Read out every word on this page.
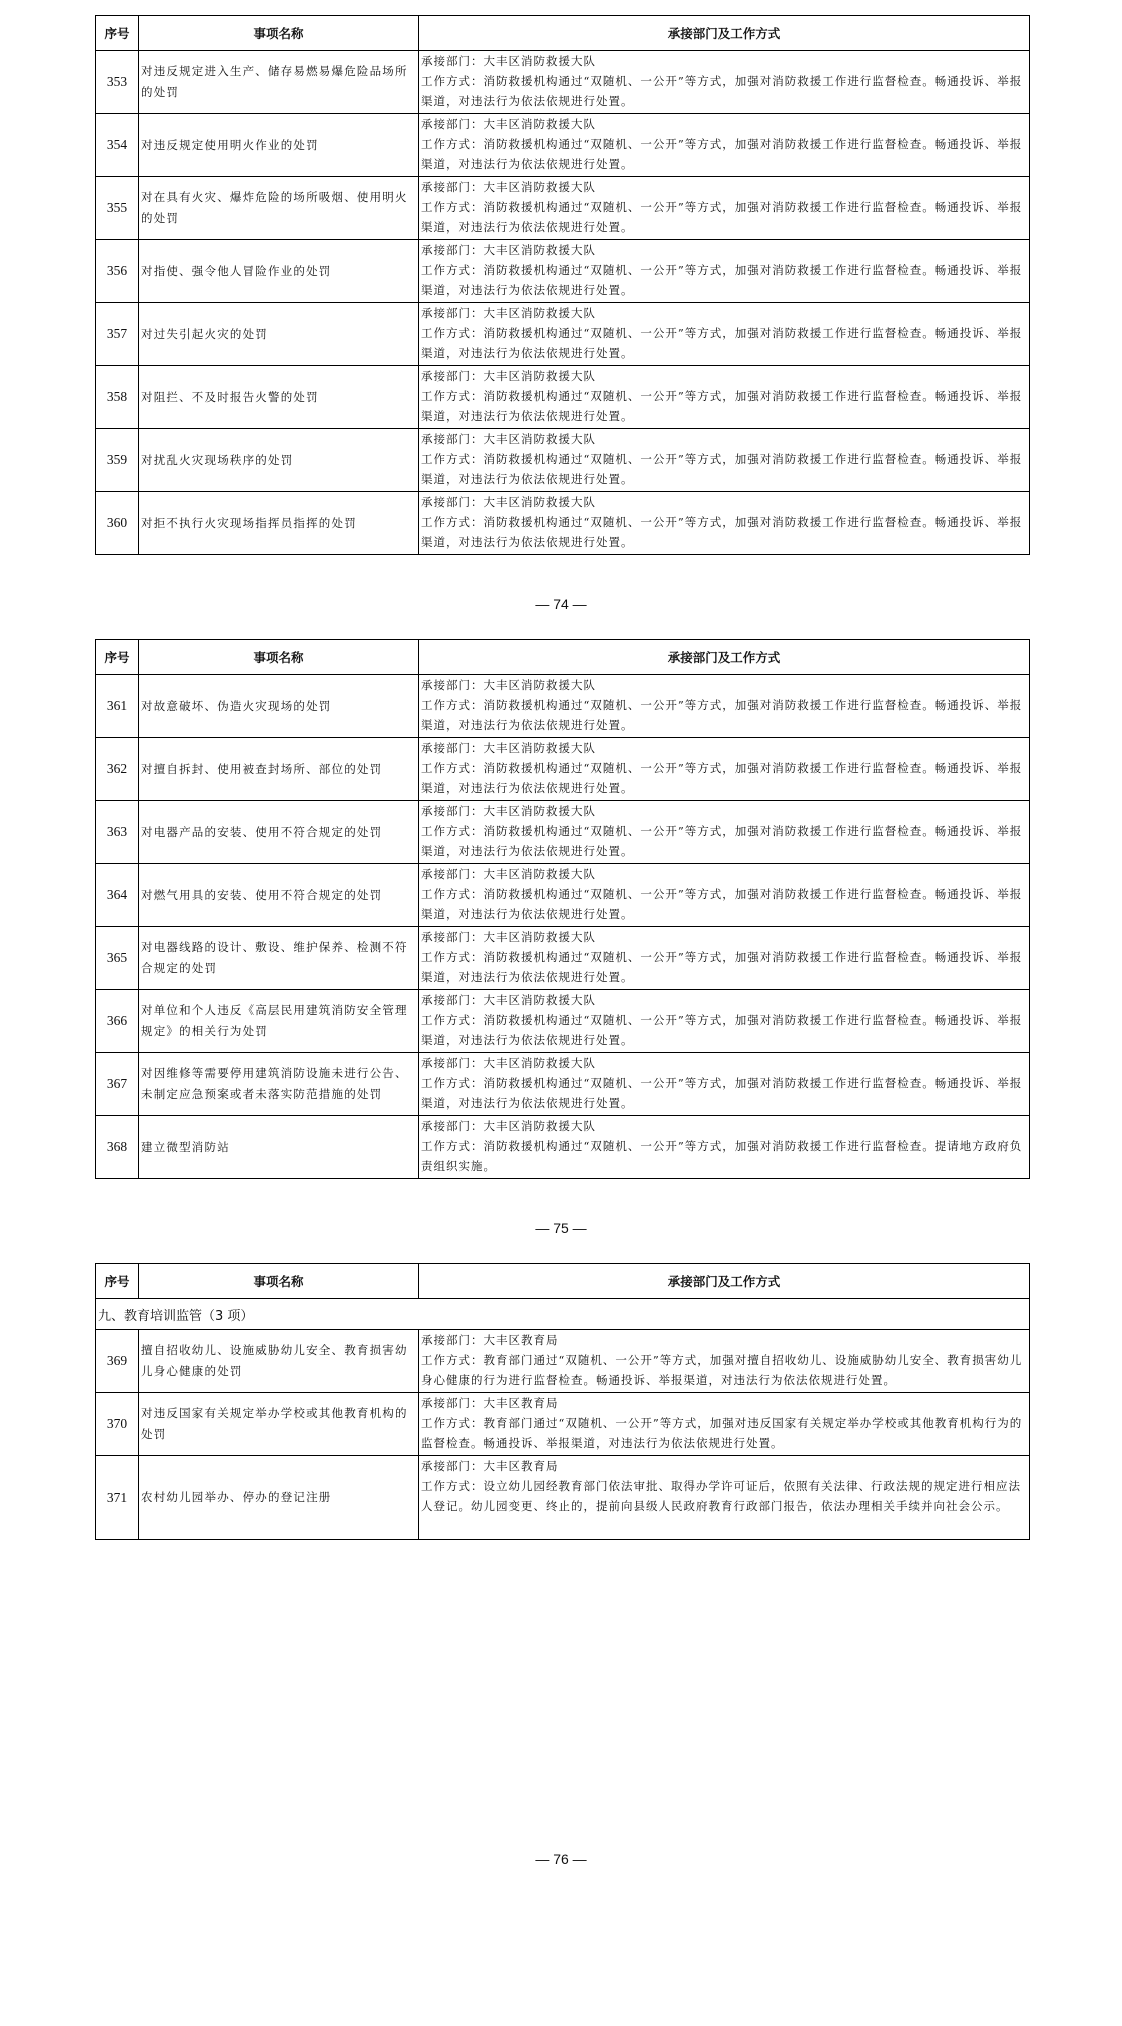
序号	事项名称	承接部门及工作方式
353	对违反规定进入生产、储存易燃易爆危险品场所的处罚	承接部门：大丰区消防救援大队
工作方式：消防救援机构通过“双随机、一公开”等方式，加强对消防救援工作进行监督检查。畅通投诉、举报渠道，对违法行为依法依规进行处置。

354	对违反规定使用明火作业的处罚	承接部门：大丰区消防救援大队
工作方式：消防救援机构通过“双随机、一公开”等方式，加强对消防救援工作进行监督检查。畅通投诉、举报渠道，对违法行为依法依规进行处置。

355	对在具有火灾、爆炸危险的场所吸烟、使用明火的处罚	承接部门：大丰区消防救援大队
工作方式：消防救援机构通过“双随机、一公开”等方式，加强对消防救援工作进行监督检查。畅通投诉、举报渠道，对违法行为依法依规进行处置。

356	对指使、强令他人冒险作业的处罚	承接部门：大丰区消防救援大队
工作方式：消防救援机构通过“双随机、一公开”等方式，加强对消防救援工作进行监督检查。畅通投诉、举报渠道，对违法行为依法依规进行处置。

357	对过失引起火灾的处罚	承接部门：大丰区消防救援大队
工作方式：消防救援机构通过“双随机、一公开”等方式，加强对消防救援工作进行监督检查。畅通投诉、举报渠道，对违法行为依法依规进行处置。

358	对阻拦、不及时报告火警的处罚	承接部门：大丰区消防救援大队
工作方式：消防救援机构通过“双随机、一公开”等方式，加强对消防救援工作进行监督检查。畅通投诉、举报渠道，对违法行为依法依规进行处置。

359	对扰乱火灾现场秩序的处罚	承接部门：大丰区消防救援大队
工作方式：消防救援机构通过“双随机、一公开”等方式，加强对消防救援工作进行监督检查。畅通投诉、举报渠道，对违法行为依法依规进行处置。

360	对拒不执行火灾现场指挥员指挥的处罚	承接部门：大丰区消防救援大队
工作方式：消防救援机构通过“双随机、一公开”等方式，加强对消防救援工作进行监督检查。畅通投诉、举报渠道，对违法行为依法依规进行处置。
— 74 —
序号	事项名称	承接部门及工作方式
361	对故意破坏、伪造火灾现场的处罚	承接部门：大丰区消防救援大队
工作方式：消防救援机构通过“双随机、一公开”等方式，加强对消防救援工作进行监督检查。畅通投诉、举报渠道，对违法行为依法依规进行处置。

362	对擅自拆封、使用被查封场所、部位的处罚	承接部门：大丰区消防救援大队
工作方式：消防救援机构通过“双随机、一公开”等方式，加强对消防救援工作进行监督检查。畅通投诉、举报渠道，对违法行为依法依规进行处置。

363	对电器产品的安装、使用不符合规定的处罚	承接部门：大丰区消防救援大队
工作方式：消防救援机构通过“双随机、一公开”等方式，加强对消防救援工作进行监督检查。畅通投诉、举报渠道，对违法行为依法依规进行处置。

364	对燃气用具的安装、使用不符合规定的处罚	承接部门：大丰区消防救援大队
工作方式：消防救援机构通过“双随机、一公开”等方式，加强对消防救援工作进行监督检查。畅通投诉、举报渠道，对违法行为依法依规进行处置。

365	对电器线路的设计、敷设、维护保养、检测不符合规定的处罚	承接部门：大丰区消防救援大队
工作方式：消防救援机构通过“双随机、一公开”等方式，加强对消防救援工作进行监督检查。畅通投诉、举报渠道，对违法行为依法依规进行处置。

366	对单位和个人违反《高层民用建筑消防安全管理规定》的相关行为处罚	承接部门：大丰区消防救援大队
工作方式：消防救援机构通过“双随机、一公开”等方式，加强对消防救援工作进行监督检查。畅通投诉、举报渠道，对违法行为依法依规进行处置。

367	对因维修等需要停用建筑消防设施未进行公告、未制定应急预案或者未落实防范措施的处罚	承接部门：大丰区消防救援大队
工作方式：消防救援机构通过“双随机、一公开”等方式，加强对消防救援工作进行监督检查。畅通投诉、举报渠道，对违法行为依法依规进行处置。

368	建立微型消防站	承接部门：大丰区消防救援大队
工作方式：消防救援机构通过“双随机、一公开”等方式，加强对消防救援工作进行监督检查。提请地方政府负责组织实施。
— 75 —
序号	事项名称	承接部门及工作方式
九、教育培训监管（3 项）		
369	擅自招收幼儿、设施威胁幼儿安全、教育损害幼儿身心健康的处罚	承接部门：大丰区教育局
工作方式：教育部门通过“双随机、一公开”等方式，加强对擅自招收幼儿、设施威胁幼儿安全、教育损害幼儿身心健康的行为进行监督检查。畅通投诉、举报渠道，对违法行为依法依规进行处置。

370	对违反国家有关规定举办学校或其他教育机构的处罚	承接部门：大丰区教育局
工作方式：教育部门通过“双随机、一公开”等方式，加强对违反国家有关规定举办学校或其他教育机构行为的监督检查。畅通投诉、举报渠道，对违法行为依法依规进行处置。

371	农村幼儿园举办、停办的登记注册	承接部门：大丰区教育局
工作方式：设立幼儿园经教育部门依法审批、取得办学许可证后，依照有关法律、行政法规的规定进行相应法人登记。幼儿园变更、终止的，提前向县级人民政府教育行政部门报告，依法办理相关手续并向社会公示。
— 76 —
